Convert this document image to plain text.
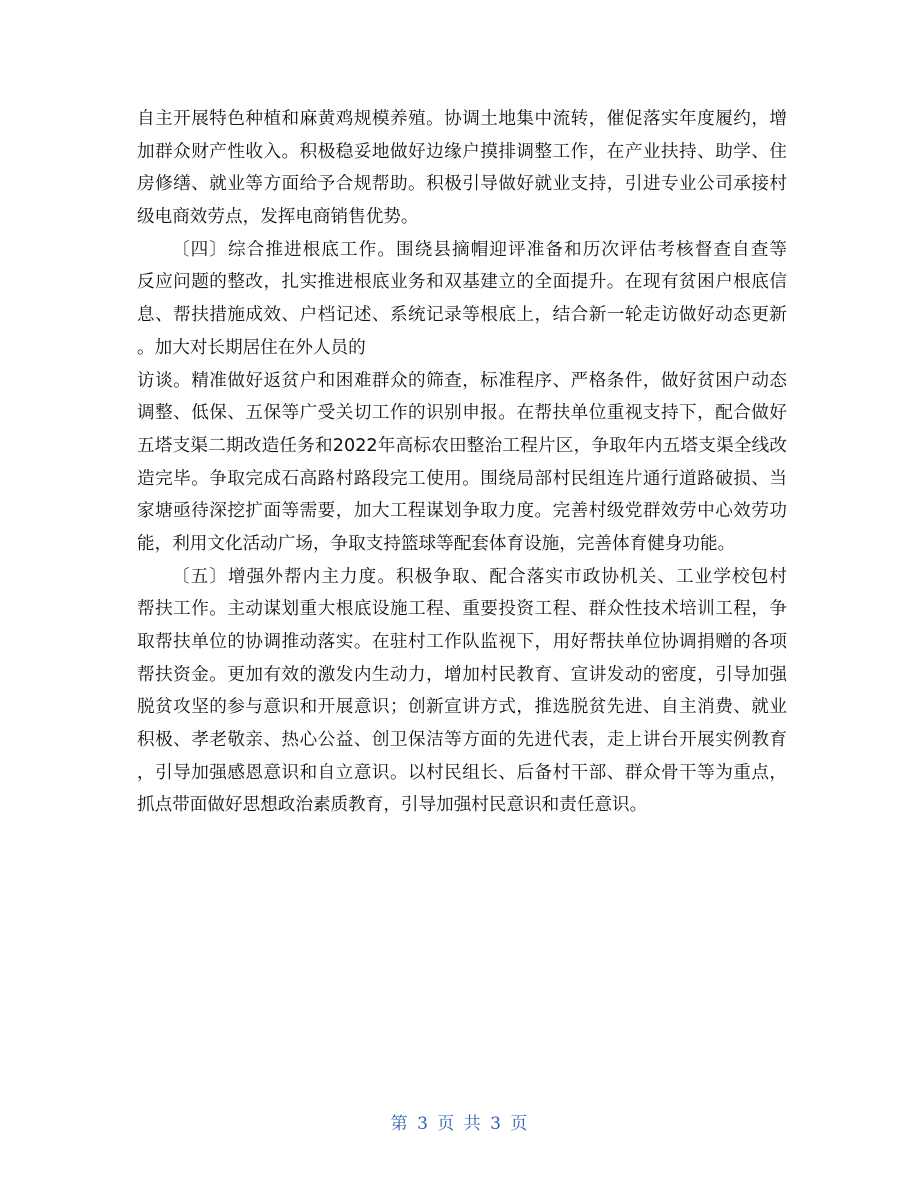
自主开展特色种植和麻黄鸡规模养殖。协调土地集中流转，催促落实年度履约，增
加群众财产性收入。积极稳妥地做好边缘户摸排调整工作，在产业扶持、助学、住
房修缮、就业等方面给予合规帮助。积极引导做好就业支持，引进专业公司承接村
级电商效劳点，发挥电商销售优势。
〔四〕综合推进根底工作。围绕县摘帽迎评准备和历次评估考核督查自查等
反应问题的整改，扎实推进根底业务和双基建立的全面提升。在现有贫困户根底信
息、帮扶措施成效、户档记述、系统记录等根底上，结合新一轮走访做好动态更新
。加大对长期居住在外人员的
访谈。精准做好返贫户和困难群众的筛查，标准程序、严格条件，做好贫困户动态
调整、低保、五保等广受关切工作的识别申报。在帮扶单位重视支持下，配合做好
五塔支渠二期改造任务和2022年高标农田整治工程片区，争取年内五塔支渠全线改
造完毕。争取完成石高路村路段完工使用。围绕局部村民组连片通行道路破损、当
家塘亟待深挖扩面等需要，加大工程谋划争取力度。完善村级党群效劳中心效劳功
能，利用文化活动广场，争取支持篮球等配套体育设施，完善体育健身功能。
〔五〕增强外帮内主力度。积极争取、配合落实市政协机关、工业学校包村
帮扶工作。主动谋划重大根底设施工程、重要投资工程、群众性技术培训工程，争
取帮扶单位的协调推动落实。在驻村工作队监视下，用好帮扶单位协调捐赠的各项
帮扶资金。更加有效的激发内生动力，增加村民教育、宣讲发动的密度，引导加强
脱贫攻坚的参与意识和开展意识；创新宣讲方式，推选脱贫先进、自主消费、就业
积极、孝老敬亲、热心公益、创卫保洁等方面的先进代表，走上讲台开展实例教育
，引导加强感恩意识和自立意识。以村民组长、后备村干部、群众骨干等为重点，
抓点带面做好思想政治素质教育，引导加强村民意识和责任意识。
第 3 页 共 3 页
